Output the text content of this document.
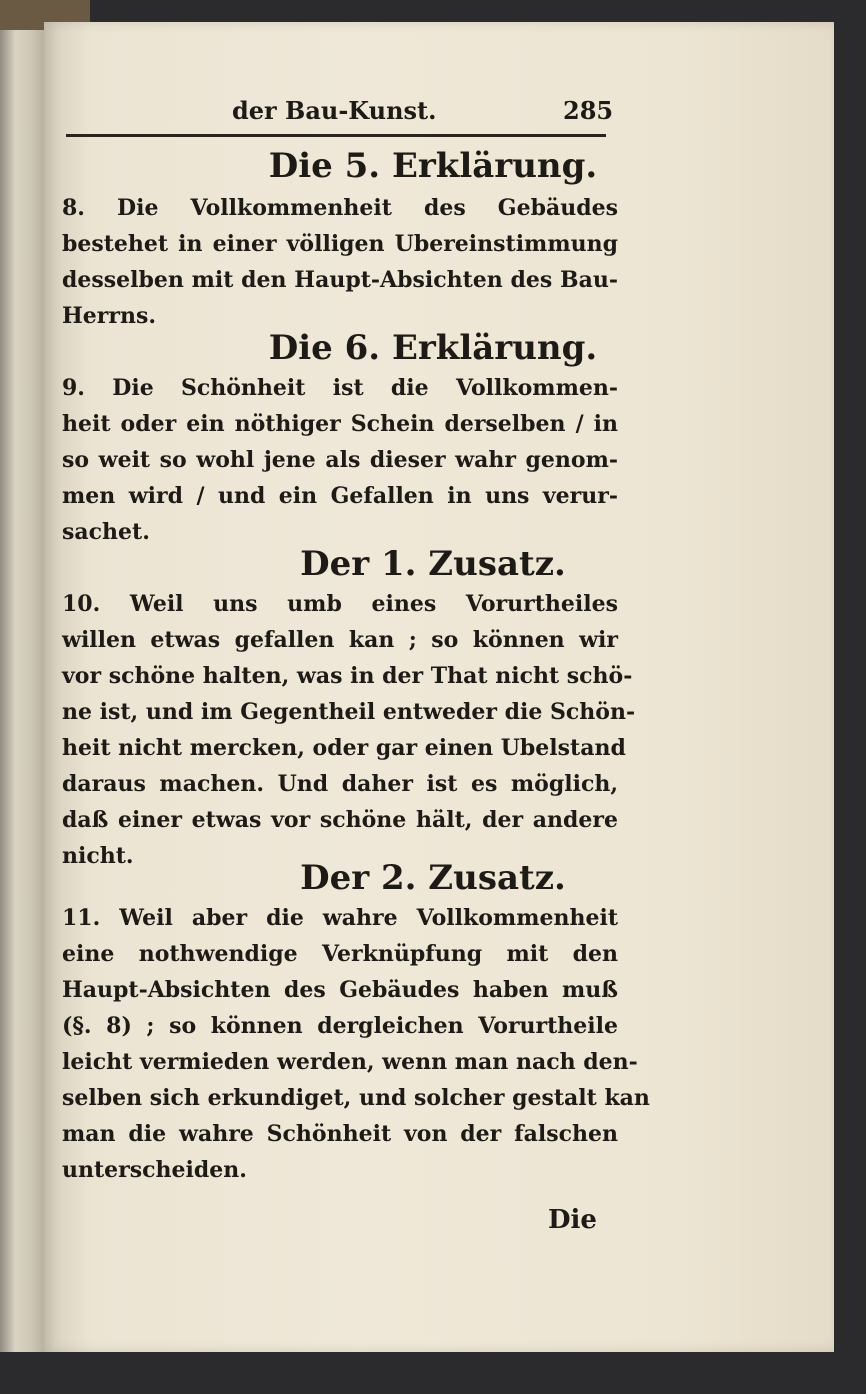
der Bau-Kunst.	285
Die 5. Erklärung.
8. Die Vollkommenheit des Gebäudes
bestehet in einer völligen Ubereinstimmung
desselben mit den Haupt-Absichten des Bau-
Herrns.
Die 6. Erklärung.
9. Die Schönheit ist die Vollkommen-
heit oder ein nöthiger Schein derselben / in
so weit so wohl jene als dieser wahr genom-
men wird / und ein Gefallen in uns verur-
sachet.
Der 1. Zusatz.
10. Weil uns umb eines Vorurtheiles
willen etwas gefallen kan ; so können wir
vor schöne halten, was in der That nicht schö-
ne ist, und im Gegentheil entweder die Schön-
heit nicht mercken, oder gar einen Ubelstand
daraus machen. Und daher ist es möglich,
daß einer etwas vor schöne hält, der andere
nicht.
Der 2. Zusatz.
11. Weil aber die wahre Vollkommenheit
eine nothwendige Verknüpfung mit den
Haupt-Absichten des Gebäudes haben muß
(§. 8) ; so können dergleichen Vorurtheile
leicht vermieden werden, wenn man nach den-
selben sich erkundiget, und solcher gestalt kan
man die wahre Schönheit von der falschen
unterscheiden.
Die
